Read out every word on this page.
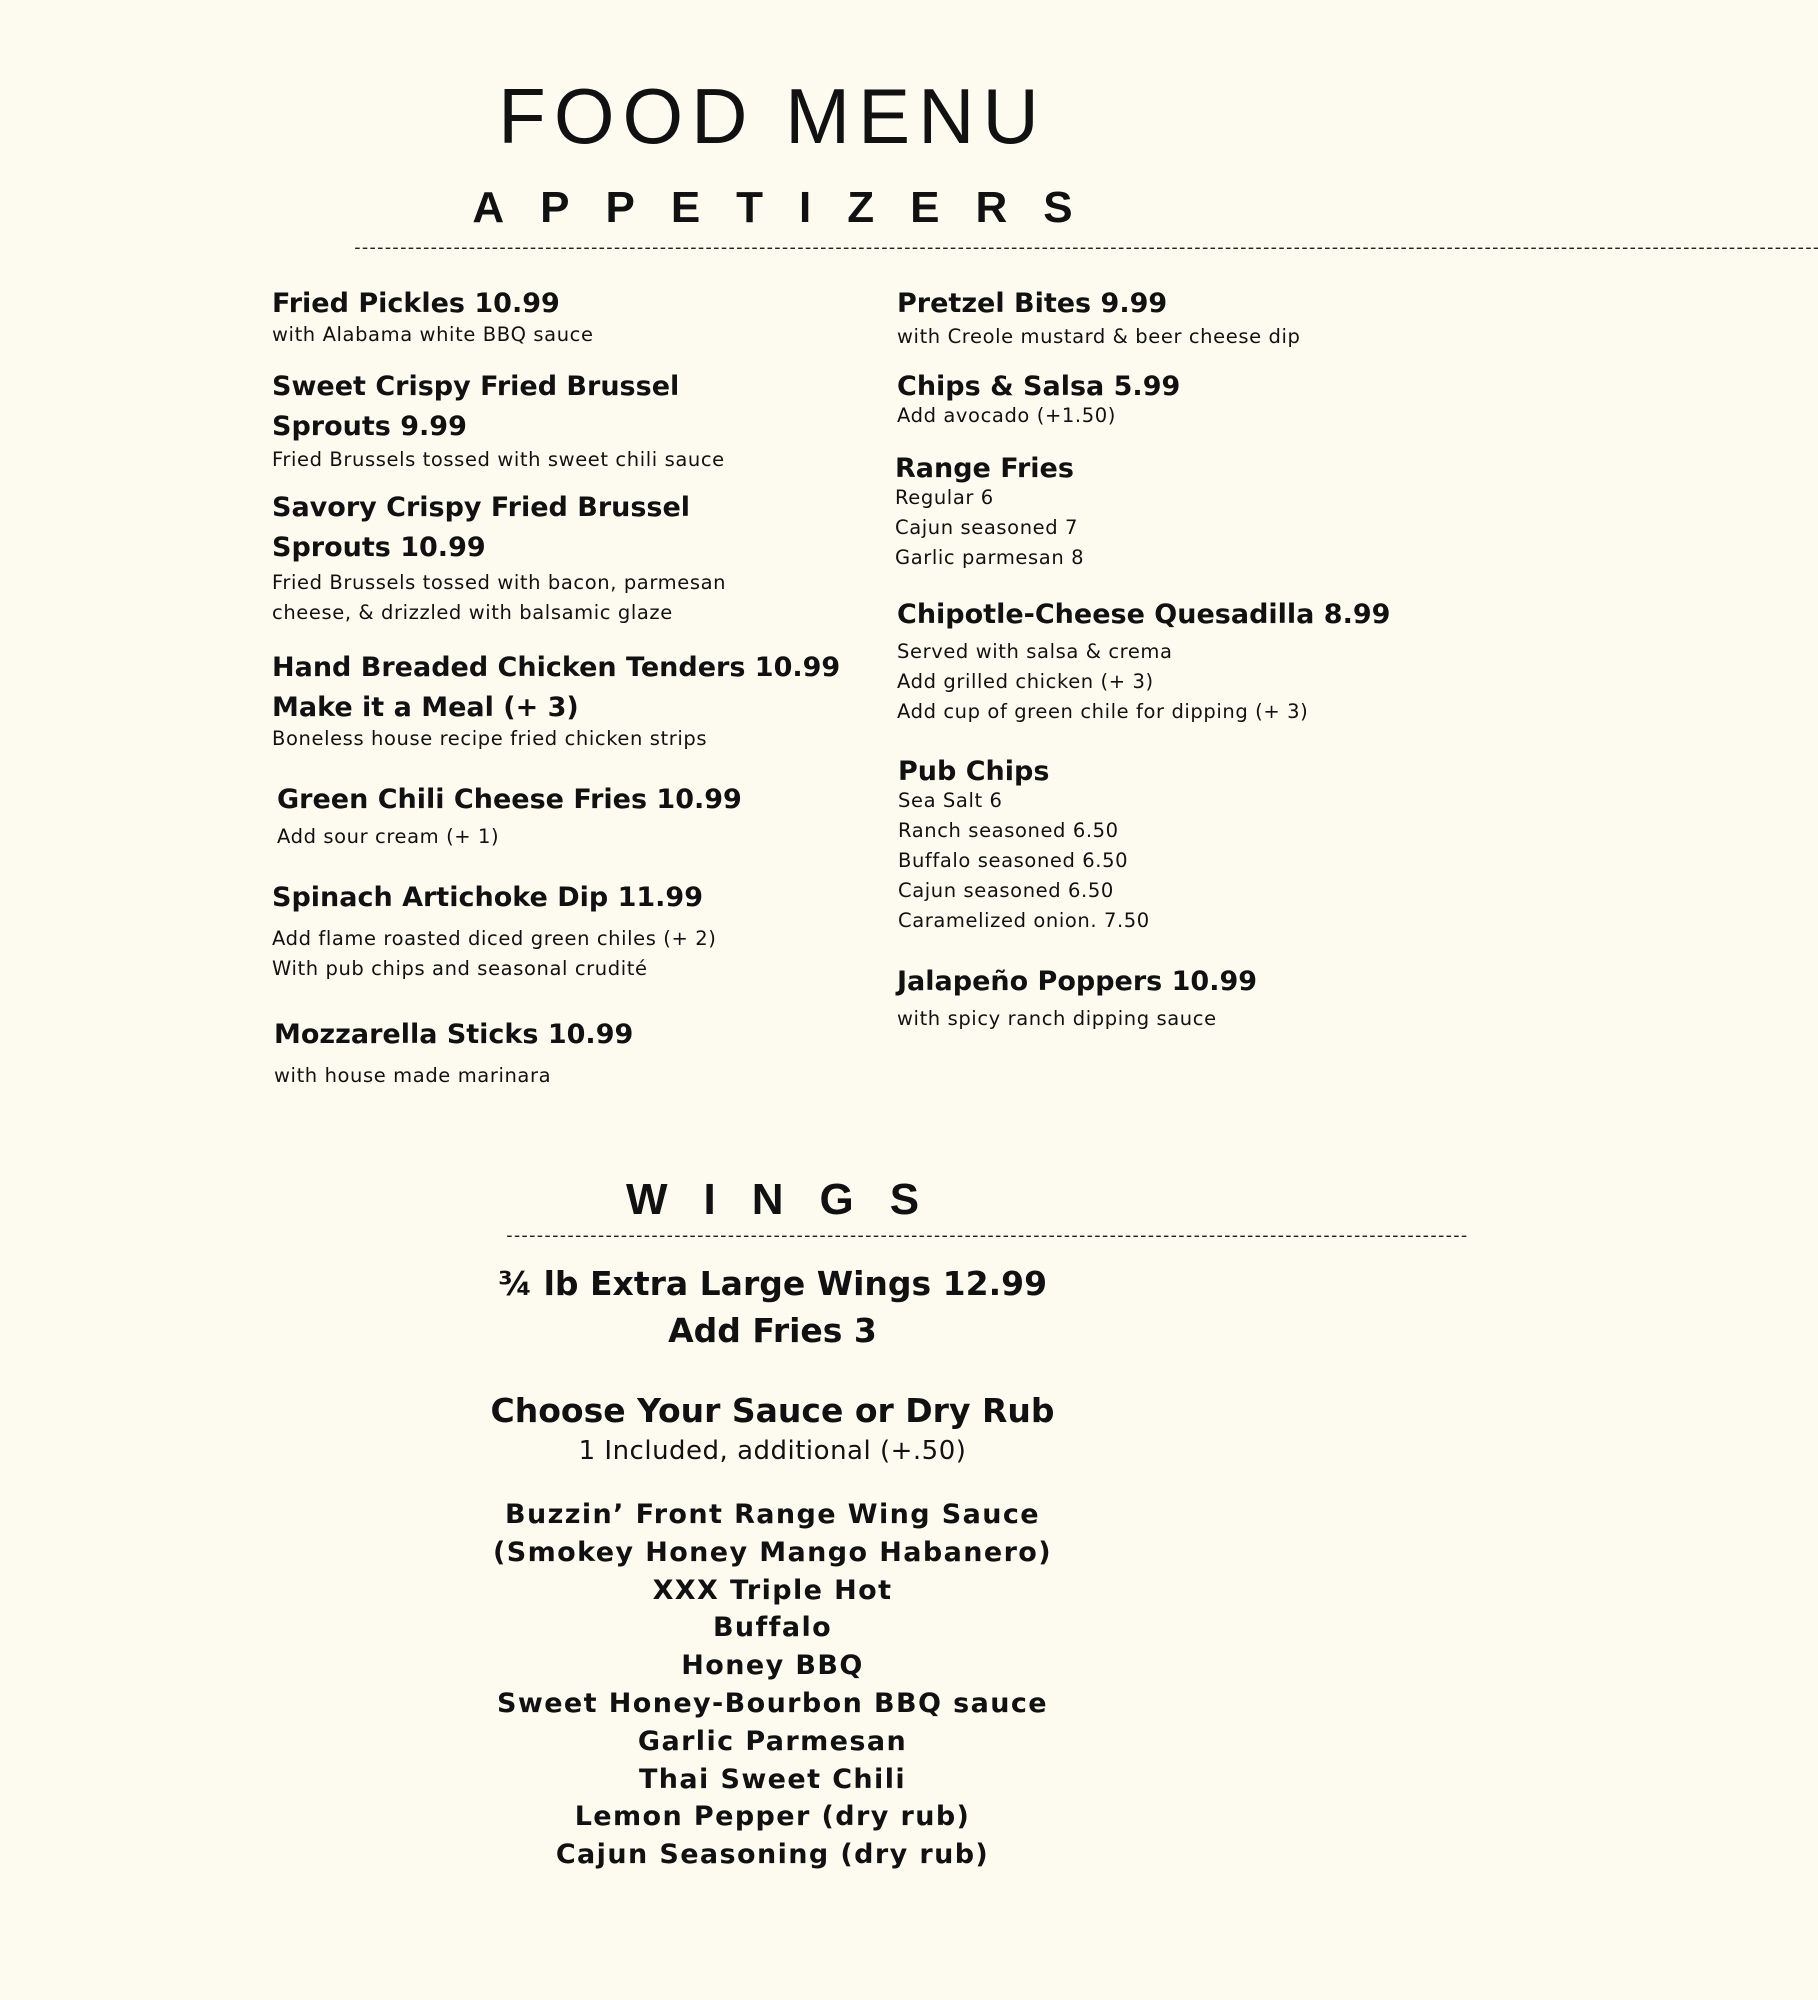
FOOD MENU
APPETIZERS
------------------------------------------------------------------------------------------------------------------------------------------------------------------------------------------------
Fried Pickles 10.99
with Alabama white BBQ sauce
Sweet Crispy Fried Brussel
Sprouts 9.99
Fried Brussels tossed with sweet chili sauce
Savory Crispy Fried Brussel
Sprouts 10.99
Fried Brussels tossed with bacon, parmesan
cheese, & drizzled with balsamic glaze
Hand Breaded Chicken Tenders 10.99
Make it a Meal (+ 3)
Boneless house recipe fried chicken strips
Green Chili Cheese Fries 10.99
Add sour cream (+ 1)
Spinach Artichoke Dip 11.99
Add flame roasted diced green chiles (+ 2)
With pub chips and seasonal crudité
Mozzarella Sticks 10.99
with house made marinara
Pretzel Bites 9.99
with Creole mustard & beer cheese dip
Chips & Salsa 5.99
Add avocado (+1.50)
Range Fries
Regular 6
Cajun seasoned 7
Garlic parmesan 8
Chipotle-Cheese Quesadilla 8.99
Served with salsa & crema
Add grilled chicken (+ 3)
Add cup of green chile for dipping (+ 3)
Pub Chips
Sea Salt 6
Ranch seasoned 6.50
Buffalo seasoned 6.50
Cajun seasoned 6.50
Caramelized onion. 7.50
Jalapeño Poppers 10.99
with spicy ranch dipping sauce
WINGS
------------------------------------------------------------------------------------------------------------------------------
¾ lb Extra Large Wings 12.99
Add Fries 3
Choose Your Sauce or Dry Rub
1 Included, additional (+.50)
Buzzin’ Front Range Wing Sauce
(Smokey Honey Mango Habanero)
XXX Triple Hot
Buffalo
Honey BBQ
Sweet Honey-Bourbon BBQ sauce
Garlic Parmesan
Thai Sweet Chili
Lemon Pepper (dry rub)
Cajun Seasoning (dry rub)
